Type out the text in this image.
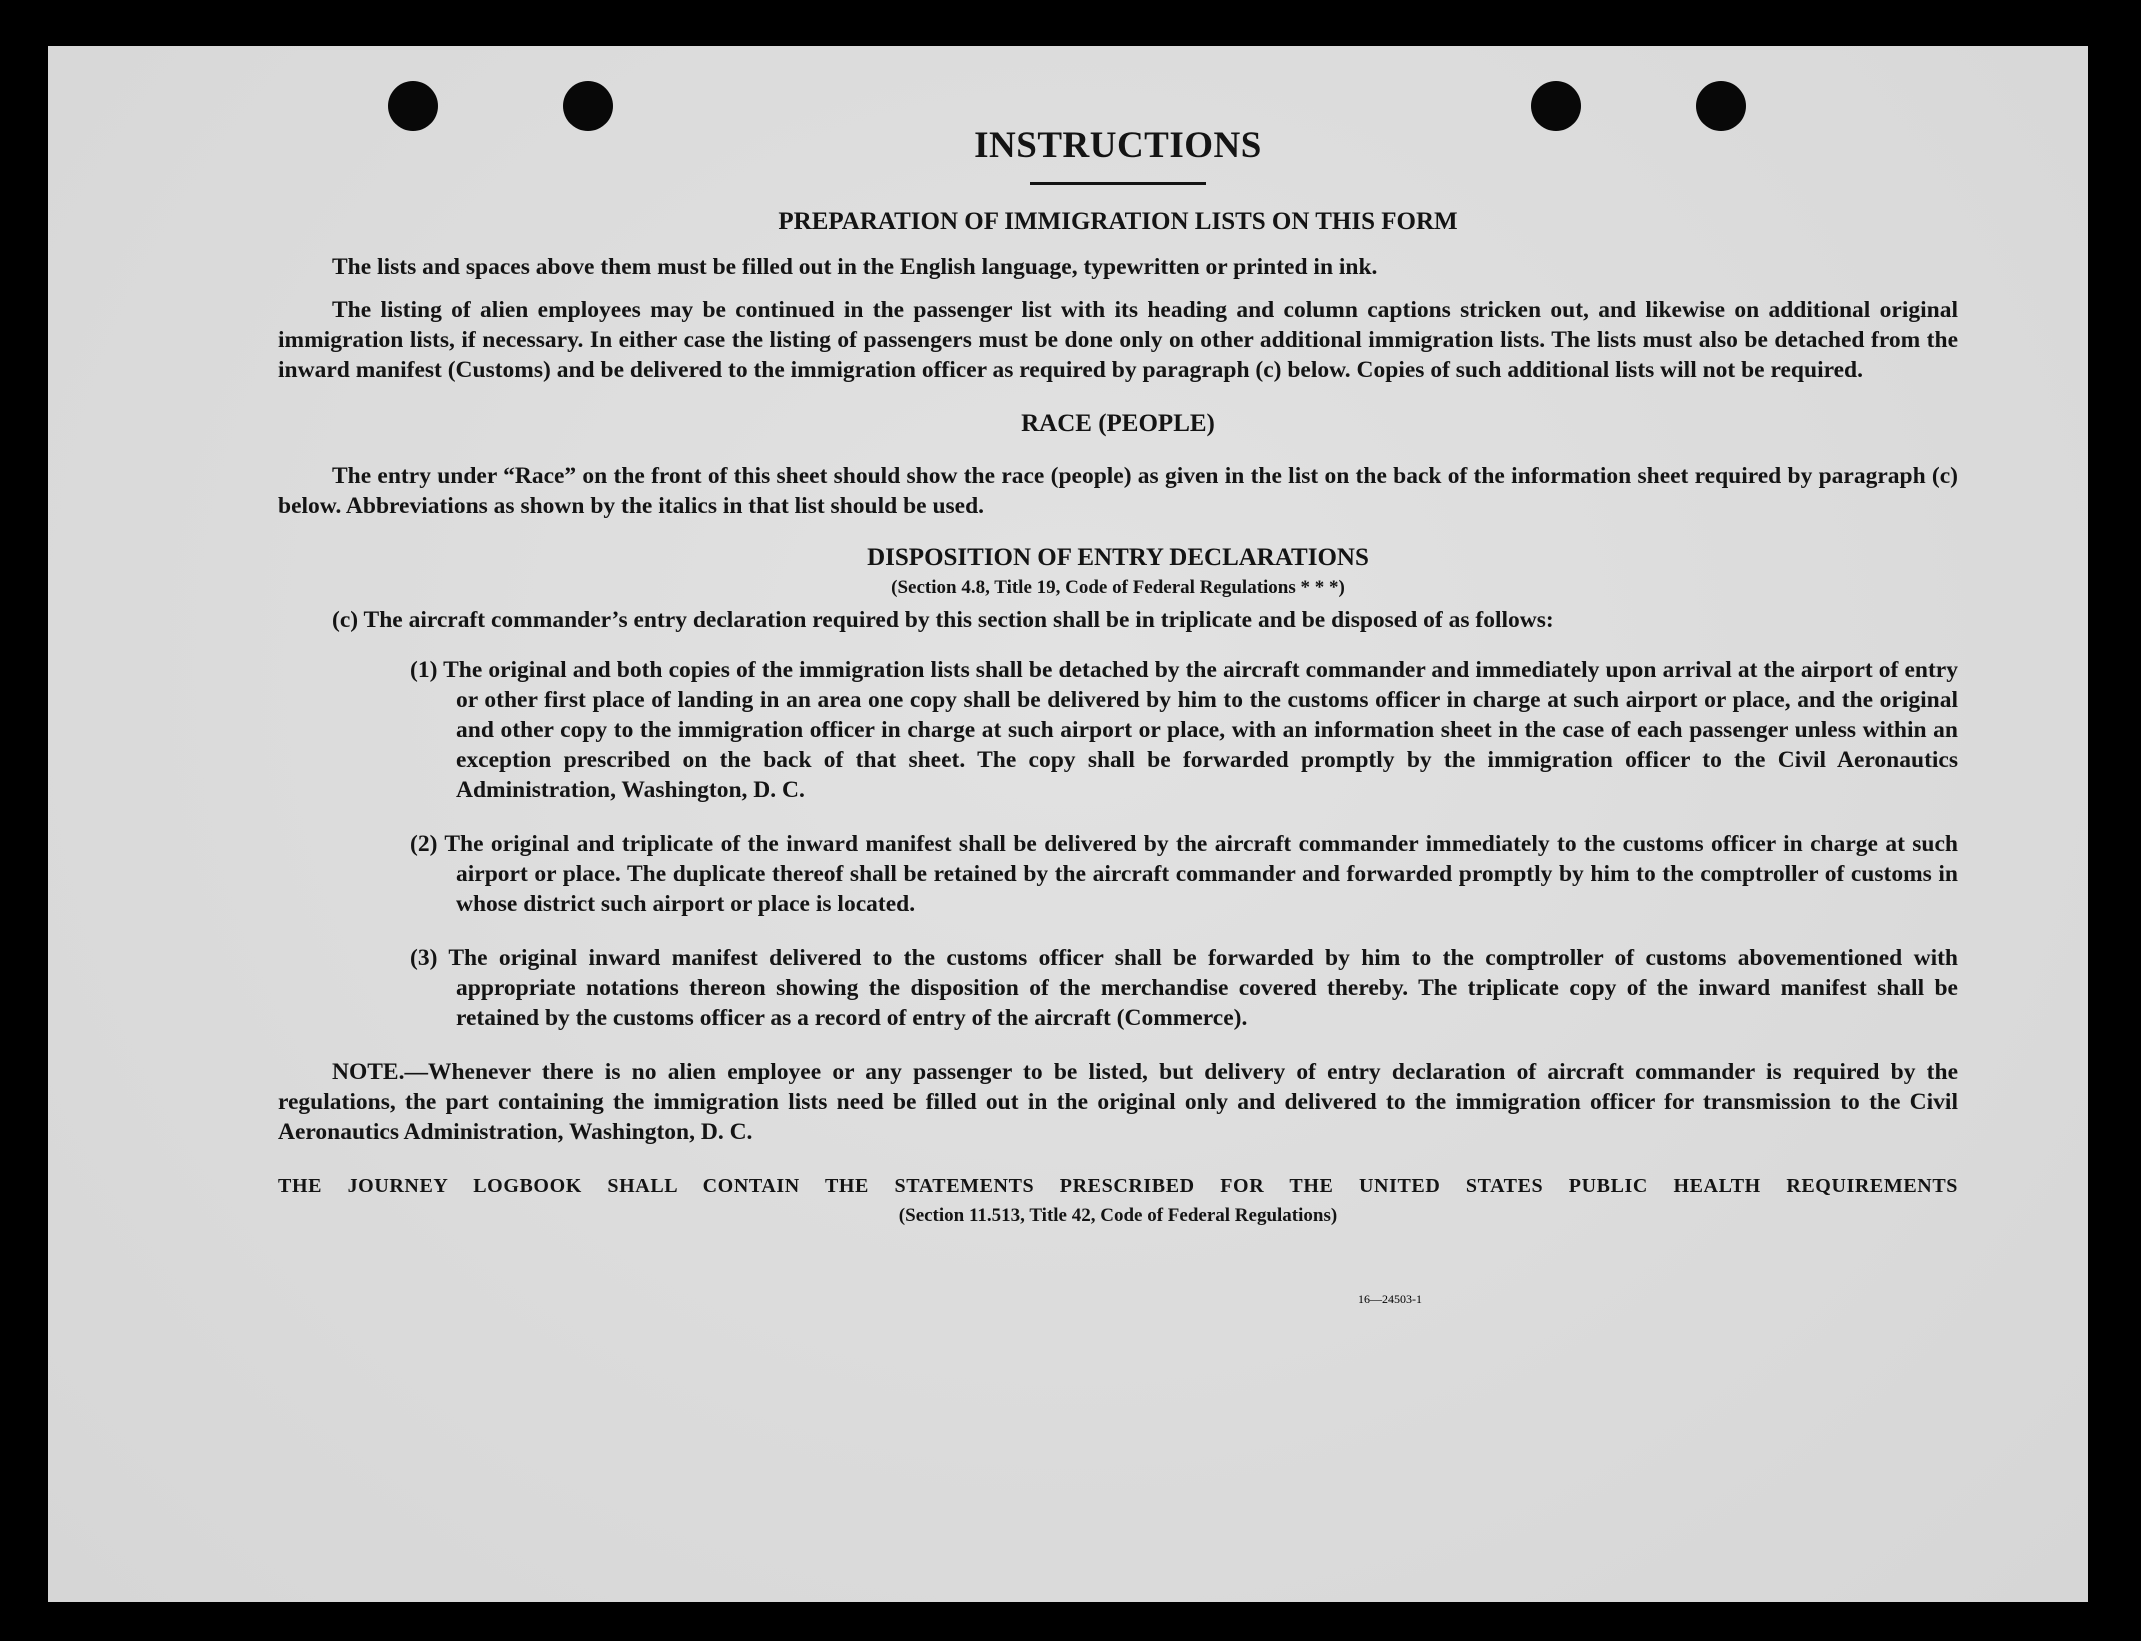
INSTRUCTIONS
PREPARATION OF IMMIGRATION LISTS ON THIS FORM

The lists and spaces above them must be filled out in the English language, typewritten or printed in ink.

The listing of alien employees may be continued in the passenger list with its heading and column captions stricken out, and likewise on additional original immigration lists, if necessary. In either case the listing of passengers must be done only on other additional immigration lists. The lists must also be detached from the inward manifest (Customs) and be delivered to the immigration officer as required by paragraph (c) below. Copies of such additional lists will not be required.

RACE (PEOPLE)

The entry under “Race” on the front of this sheet should show the race (people) as given in the list on the back of the information sheet required by paragraph (c) below. Abbreviations as shown by the italics in that list should be used.

DISPOSITION OF ENTRY DECLARATIONS

(Section 4.8, Title 19, Code of Federal Regulations * * *)

(c) The aircraft commander’s entry declaration required by this section shall be in triplicate and be disposed of as follows:

(1) The original and both copies of the immigration lists shall be detached by the aircraft commander and immediately upon arrival at the airport of entry or other first place of landing in an area one copy shall be delivered by him to the customs officer in charge at such airport or place, and the original and other copy to the immigration officer in charge at such airport or place, with an information sheet in the case of each passenger unless within an exception prescribed on the back of that sheet. The copy shall be forwarded promptly by the immigration officer to the Civil Aeronautics Administration, Washington, D. C.

(2) The original and triplicate of the inward manifest shall be delivered by the aircraft commander immediately to the customs officer in charge at such airport or place. The duplicate thereof shall be retained by the aircraft commander and forwarded promptly by him to the comptroller of customs in whose district such airport or place is located.

(3) The original inward manifest delivered to the customs officer shall be forwarded by him to the comptroller of customs abovementioned with appropriate notations thereon showing the disposition of the merchandise covered thereby. The triplicate copy of the inward manifest shall be retained by the customs officer as a record of entry of the aircraft (Commerce).

NOTE.—Whenever there is no alien employee or any passenger to be listed, but delivery of entry declaration of aircraft commander is required by the regulations, the part containing the immigration lists need be filled out in the original only and delivered to the immigration officer for transmission to the Civil Aeronautics Administration, Washington, D. C.

THE JOURNEY LOGBOOK SHALL CONTAIN THE STATEMENTS PRESCRIBED FOR THE UNITED STATES PUBLIC HEALTH REQUIREMENTS

(Section 11.513, Title 42, Code of Federal Regulations)

16—24503-1
